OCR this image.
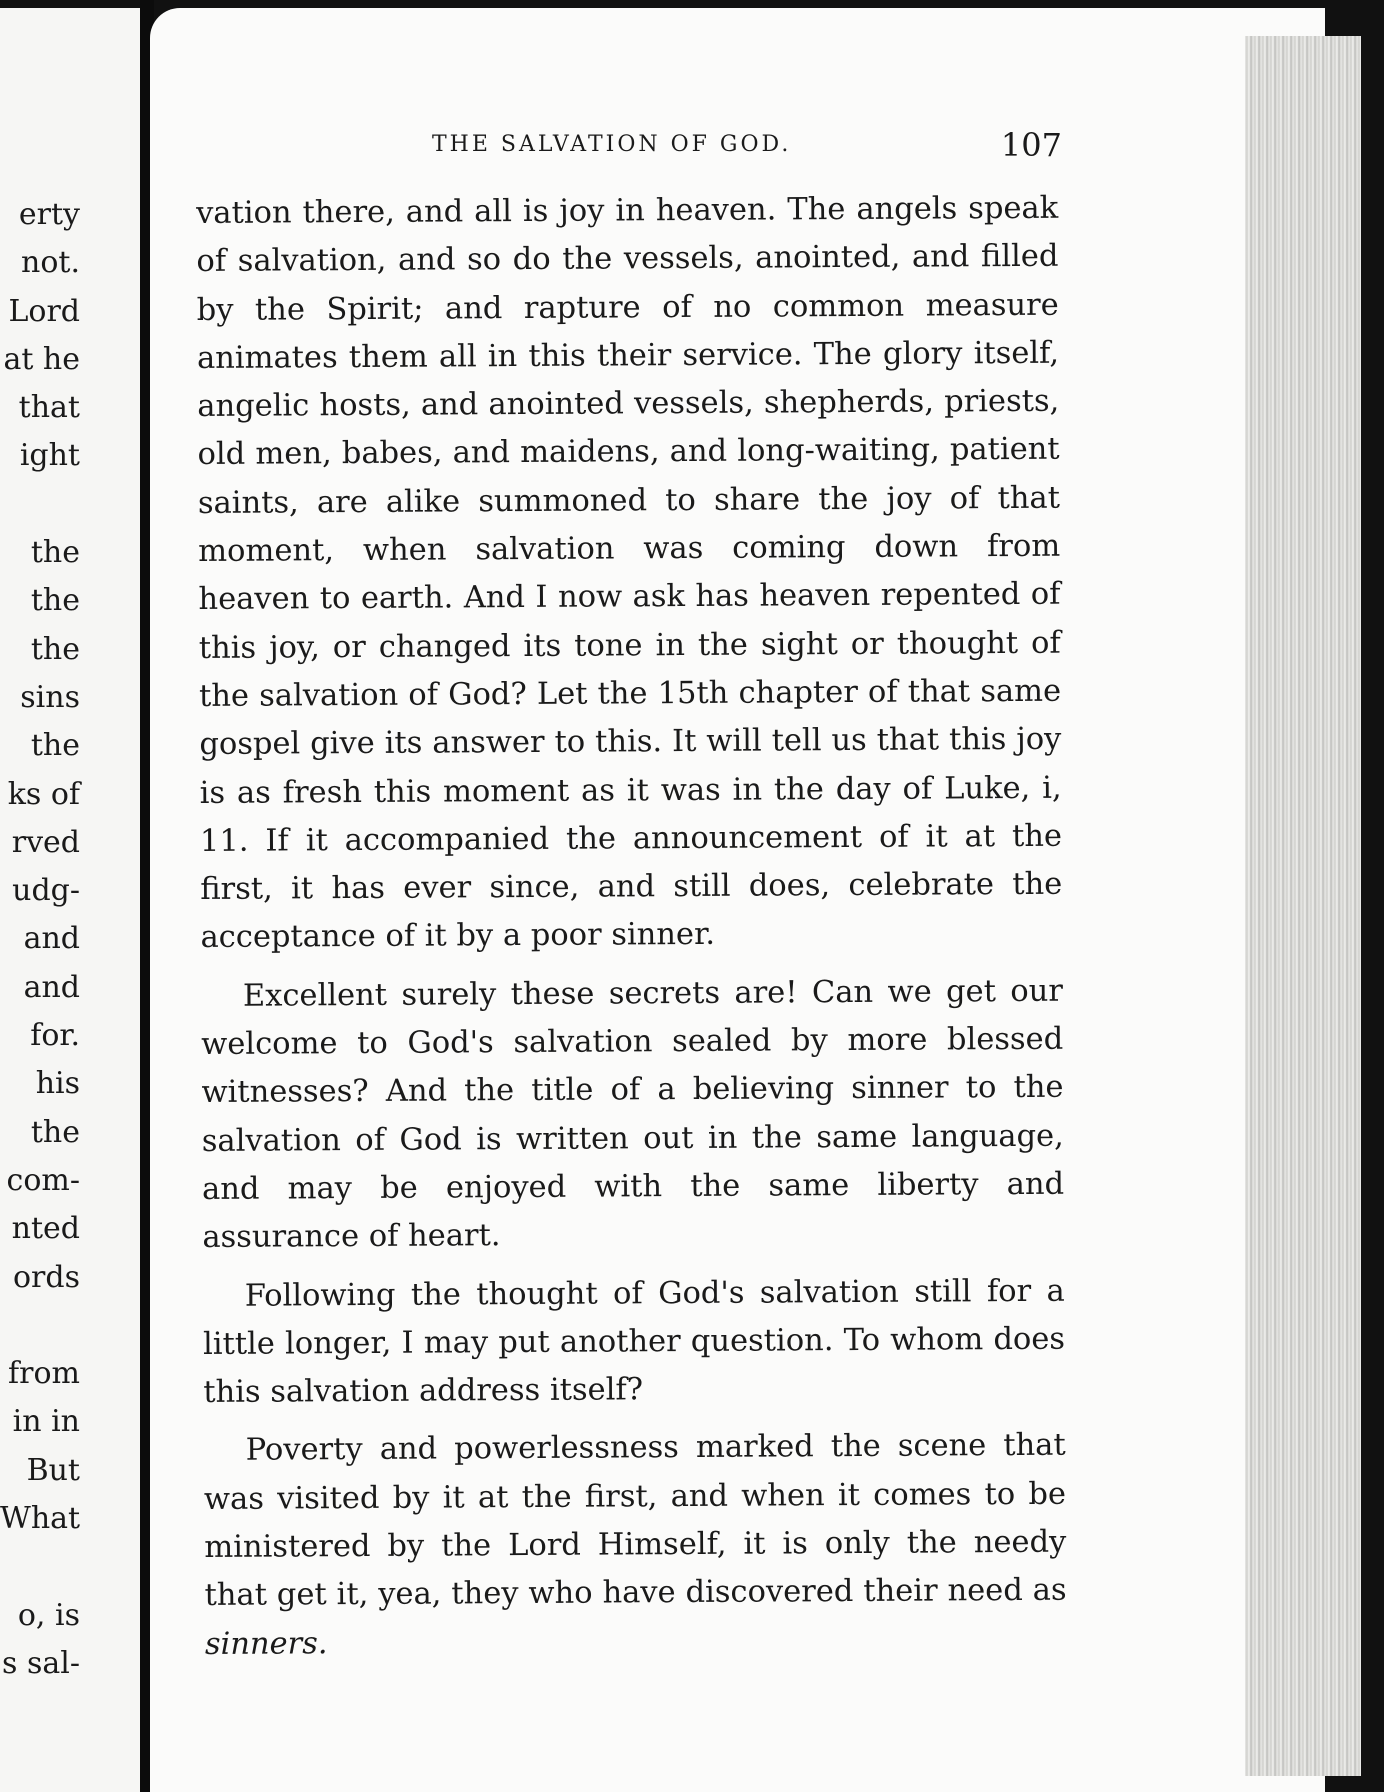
erty
not.
Lord
at he
that
ight
the
the
the
sins
the
ks of
rved
udg-
and
and
for.
his
the
com-
nted
ords
from
in in
But
What
o, is
s sal-
THE SALVATION OF GOD.	107

vation there, and all is joy in heaven. The angels speak of salvation, and so do the vessels, anointed, and filled by the Spirit; and rapture of no common measure animates them all in this their service. The glory itself, angelic hosts, and anointed vessels, shepherds, priests, old men, babes, and maidens, and long-waiting, patient saints, are alike summoned to share the joy of that moment, when salvation was coming down from heaven to earth. And I now ask has heaven repented of this joy, or changed its tone in the sight or thought of the salvation of God? Let the 15th chapter of that same gospel give its answer to this. It will tell us that this joy is as fresh this moment as it was in the day of Luke, i, 11. If it accompanied the announcement of it at the first, it has ever since, and still does, celebrate the acceptance of it by a poor sinner.

Excellent surely these secrets are! Can we get our welcome to God's salvation sealed by more blessed witnesses? And the title of a believing sinner to the salvation of God is written out in the same language, and may be enjoyed with the same liberty and assurance of heart.

Following the thought of God's salvation still for a little longer, I may put another question. To whom does this salvation address itself?

Poverty and powerlessness marked the scene that was visited by it at the first, and when it comes to be ministered by the Lord Himself, it is only the needy that get it, yea, they who have discovered their need as sinners.
